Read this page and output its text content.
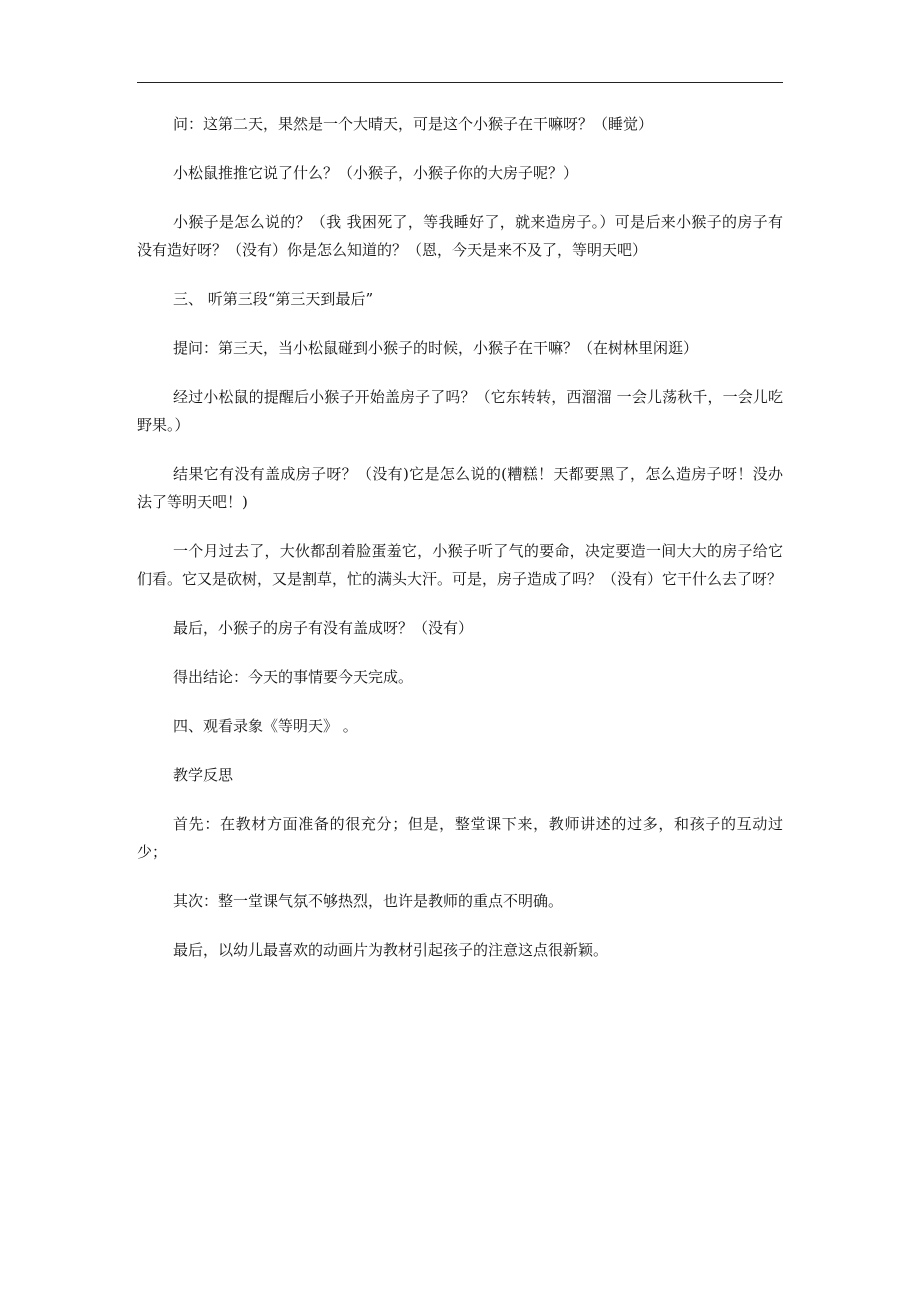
问：这第二天，果然是一个大晴天，可是这个小猴子在干嘛呀？（睡觉）

小松鼠推推它说了什么？（小猴子，小猴子你的大房子呢？）

小猴子是怎么说的？（我 我困死了，等我睡好了，就来造房子。）可是后来小猴子的房子有没有造好呀？（没有）你是怎么知道的？（恩，今天是来不及了，等明天吧）

三、 听第三段“第三天到最后”

提问：第三天，当小松鼠碰到小猴子的时候，小猴子在干嘛？（在树林里闲逛）

经过小松鼠的提醒后小猴子开始盖房子了吗？（它东转转，西溜溜 一会儿荡秋千，一会儿吃野果。）

结果它有没有盖成房子呀？（没有)它是怎么说的(糟糕！天都要黑了，怎么造房子呀！没办法了等明天吧！)

一个月过去了，大伙都刮着脸蛋羞它，小猴子听了气的要命，决定要造一间大大的房子给它们看。它又是砍树，又是割草，忙的满头大汗。可是，房子造成了吗？（没有）它干什么去了呀？

最后，小猴子的房子有没有盖成呀？（没有）

得出结论：今天的事情要今天完成。

四、观看录象《等明天》 。

教学反思

首先：在教材方面准备的很充分；但是，整堂课下来，教师讲述的过多，和孩子的互动过少；

其次：整一堂课气氛不够热烈，也许是教师的重点不明确。

最后，以幼儿最喜欢的动画片为教材引起孩子的注意这点很新颖。
